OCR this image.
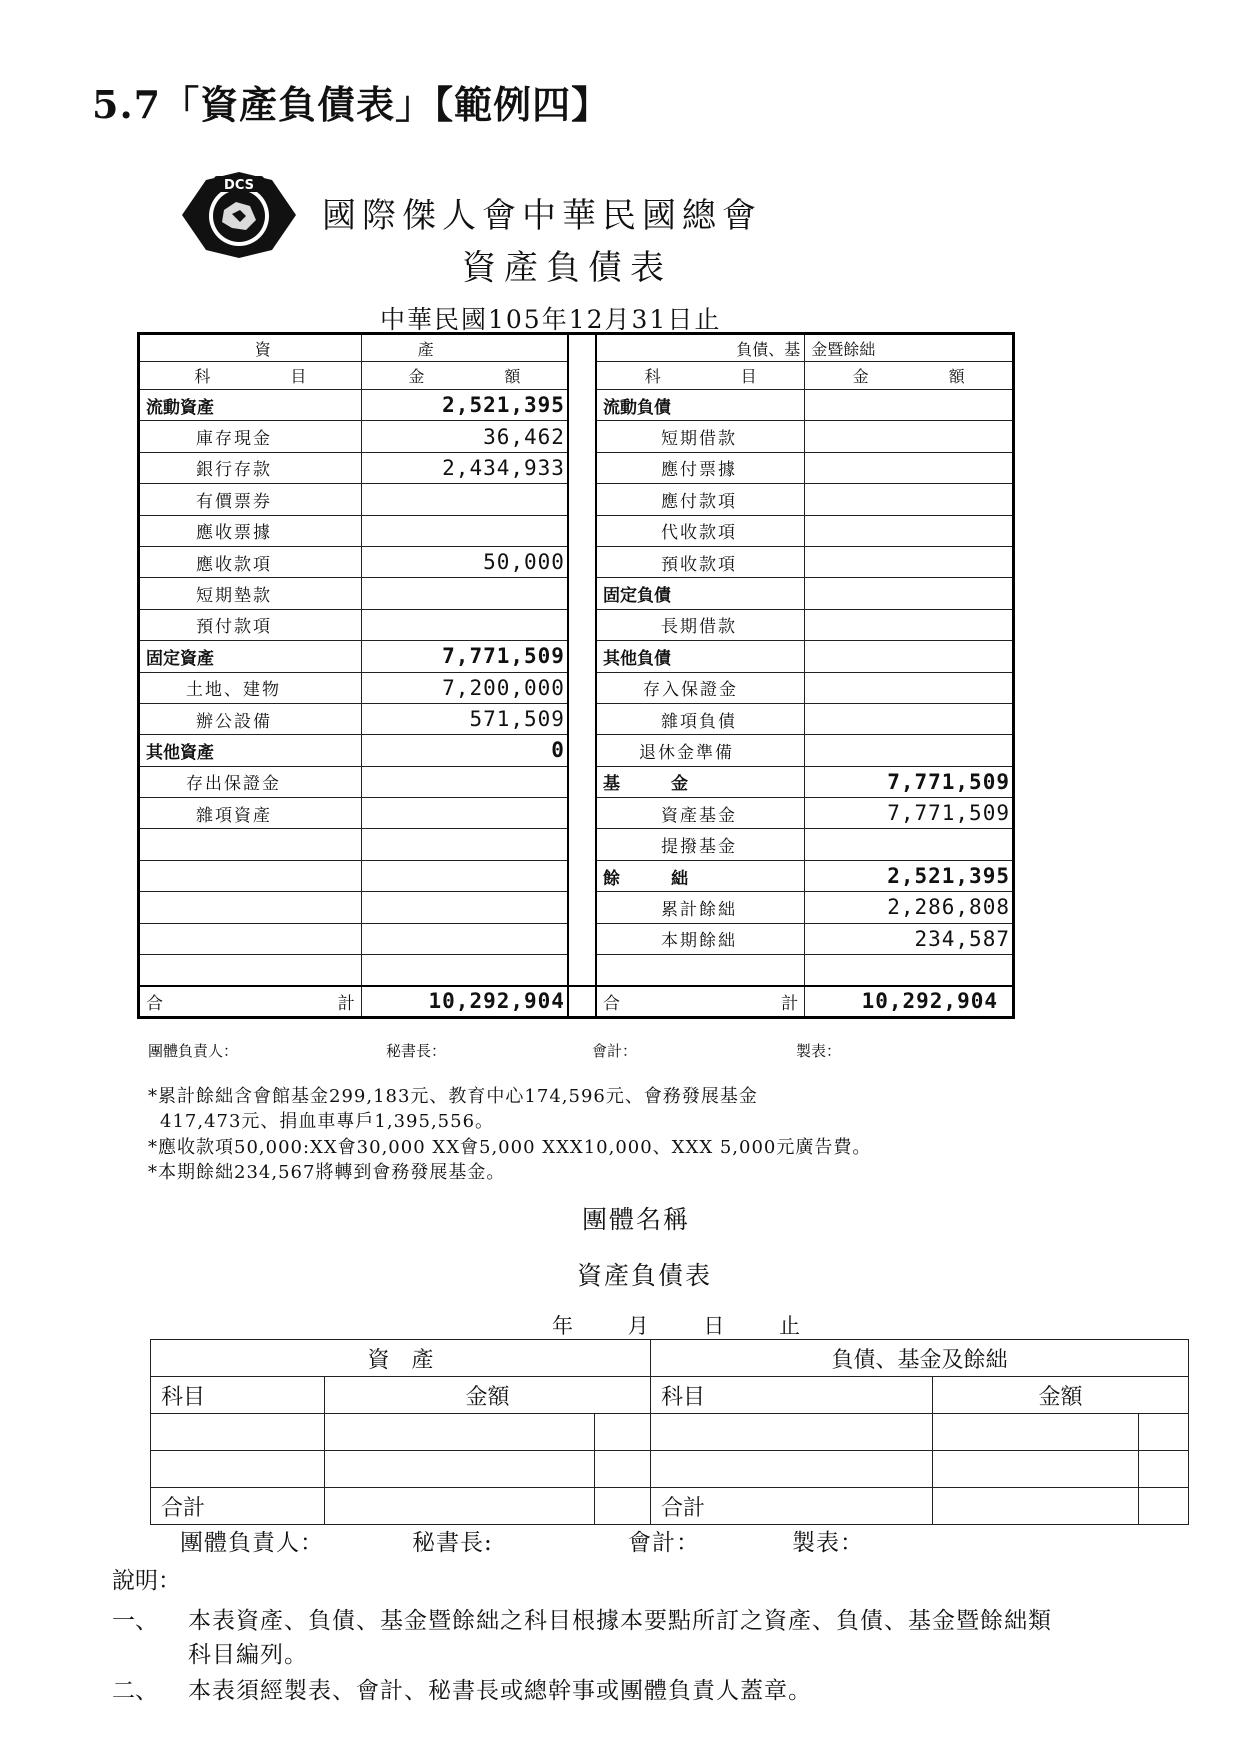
5.7「資產負債表」【範例四】
DCS
國際傑人會中華民國總會
資產負債表
中華民國105年12月31日止
資	產		負債、基	金暨餘絀
科　　　　　目	金　　　　　額		科　　　　　目	金　　　　　額
流動資產	2,521,395		流動負債	
庫存現金	36,462		短期借款	
銀行存款	2,434,933		應付票據	
有價票券			應付款項	
應收票據			代收款項	
應收款項	50,000		預收款項	
短期墊款			固定負債	
預付款項			長期借款	
固定資產	7,771,509		其他負債	
土地、建物	7,200,000		存入保證金	
辦公設備	571,509		雜項負債	
其他資產	0		退休金準備	
存出保證金			基　　　金	7,771,509
雜項資產			資產基金	7,771,509
			提撥基金	
			餘　　　絀	2,521,395
			累計餘絀	2,286,808
			本期餘絀	234,587

合 計	10,292,904		合 計	10,292,904
團體負責人：	秘書長：	會計：	製表：
*累計餘絀含會館基金299,183元、教育中心174,596元、會務發展基金
417,473元、捐血車專戶1,395,556。
*應收款項50,000:XX會30,000 XX會5,000 XXX10,000、XXX 5,000元廣告費。
*本期餘絀234,567將轉到會務發展基金。
團體名稱
資產負債表
年 月 日 止
資　產			負債、基金及餘絀		
科目	金額		科目	金額	

合計			合計		
團體負責人：	秘書長:	會計：	製表：
說明：
一、 本表資產、負債、基金暨餘絀之科目根據本要點所訂之資產、負債、基金暨餘絀類
科目編列。
二、 本表須經製表、會計、秘書長或總幹事或團體負責人蓋章。
